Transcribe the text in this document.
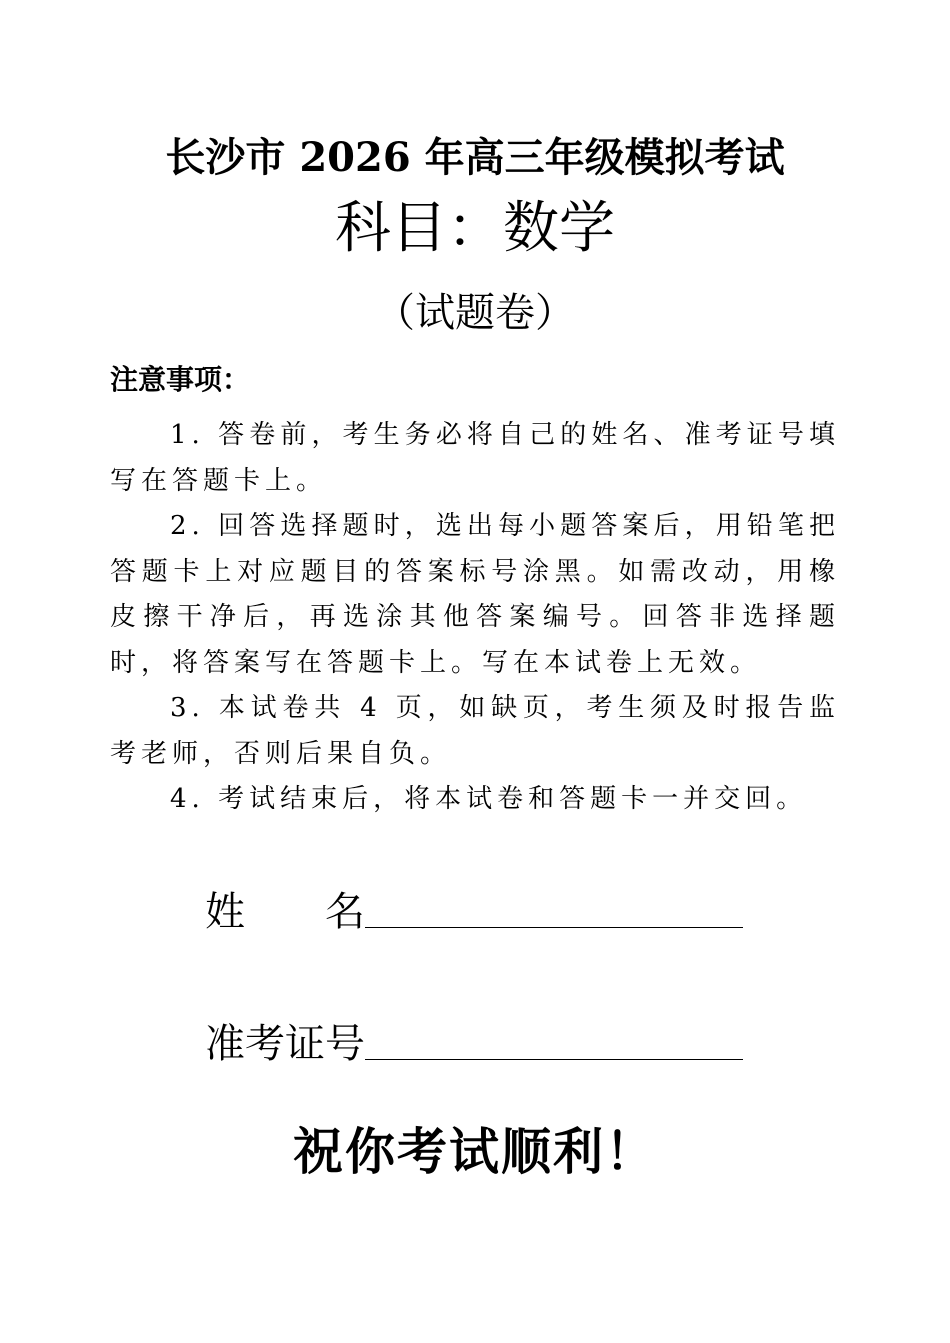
长沙市 2026 年高三年级模拟考试
科目：数学
（试题卷）
注意事项：
1. 答卷前，考生务必将自己的姓名、准考证号填写在答题卡上。
2. 回答选择题时，选出每小题答案后，用铅笔把答题卡上对应题目的答案标号涂黑。如需改动，用橡皮擦干净后，再选涂其他答案编号。回答非选择题时，将答案写在答题卡上。写在本试卷上无效。
3. 本试卷共 4 页，如缺页，考生须及时报告监考老师，否则后果自负。
4. 考试结束后，将本试卷和答题卡一并交回。
姓　　名
准考证号
祝你考试顺利！
